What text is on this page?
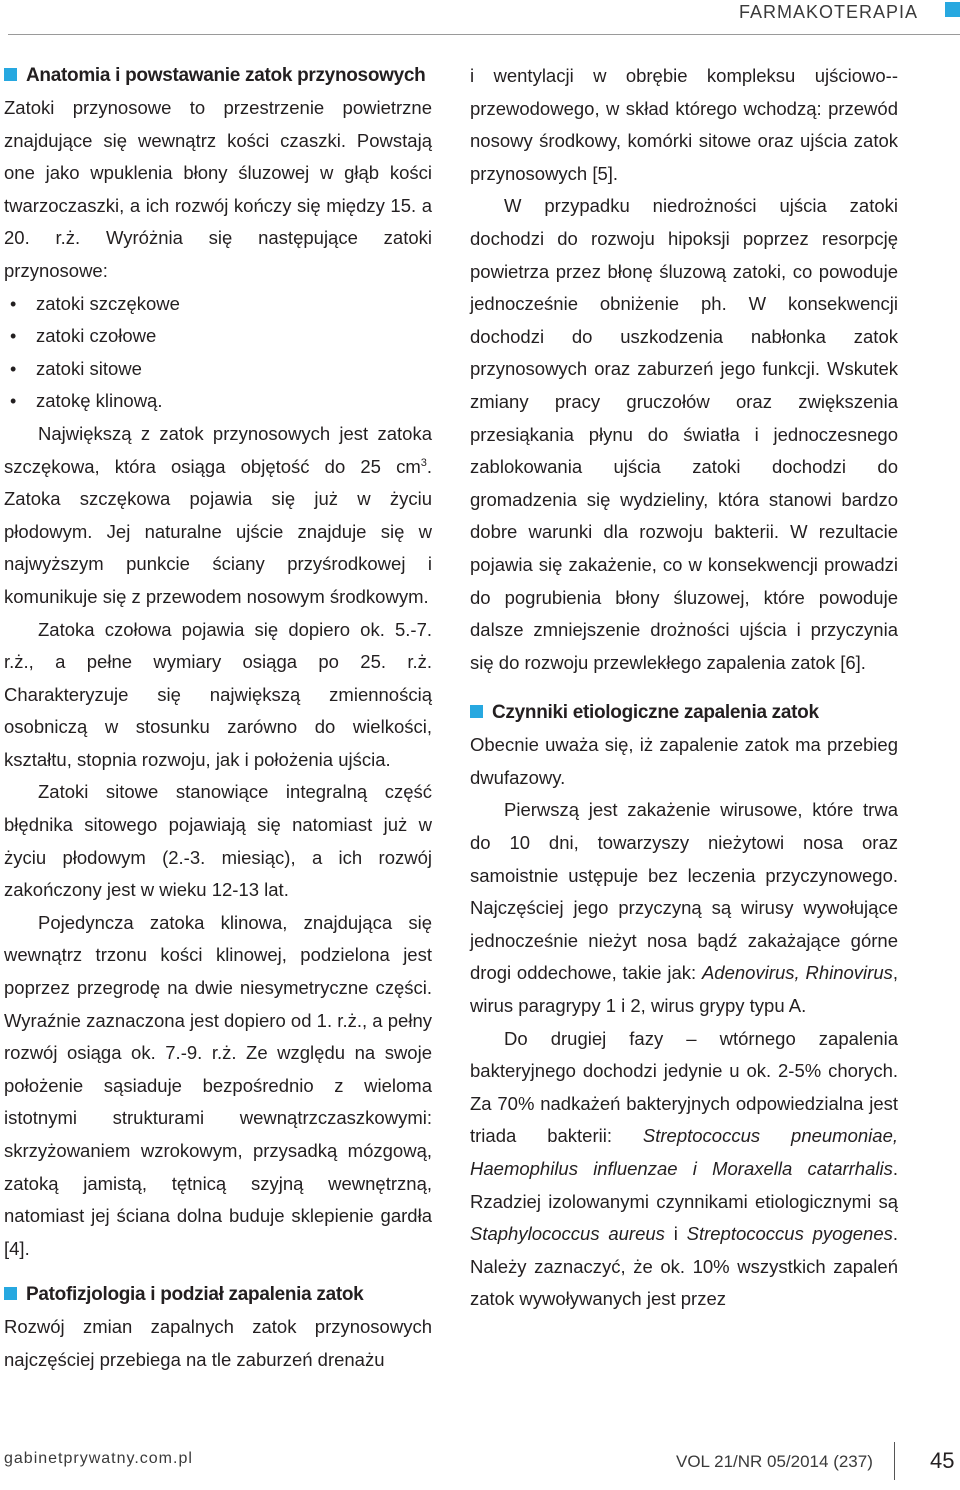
FARMAKOTERAPIA
Anatomia i powstawanie zatok przynosowych

Zatoki przynosowe to przestrzenie powietrzne znajdujące się wewnątrz kości czaszki. Powstają one jako wpuklenia błony śluzowej w głąb kości twarzoczaszki, a ich rozwój kończy się między 15. a 20. r.ż. Wyróżnia się następujące zatoki przynosowe:

• zatoki szczękowe
• zatoki czołowe
• zatoki sitowe
• zatokę klinową.

Największą z zatok przynosowych jest zatoka szczękowa, która osiąga objętość do 25 $cm^3$. Zatoka szczękowa pojawia się już w życiu płodowym. Jej naturalne ujście znajduje się w najwyższym punkcie ściany przyśrodkowej i komunikuje się z przewodem nosowym środkowym.

Zatoka czołowa pojawia się dopiero ok. 5.-7. r.ż., a pełne wymiary osiąga po 25. r.ż. Charakteryzuje się największą zmiennością osobniczą w stosunku zarówno do wielkości, kształtu, stopnia rozwoju, jak i położenia ujścia.

Zatoki sitowe stanowiące integralną część błędnika sitowego pojawiają się natomiast już w życiu płodowym (2.-3. miesiąc), a ich rozwój zakończony jest w wieku 12-13 lat.

Pojedyncza zatoka klinowa, znajdująca się wewnątrz trzonu kości klinowej, podzielona jest poprzez przegrodę na dwie niesymetryczne części. Wyraźnie zaznaczona jest dopiero od 1. r.ż., a pełny rozwój osiąga ok. 7.-9. r.ż. Ze względu na swoje położenie sąsiaduje bezpośrednio z wieloma istotnymi strukturami wewnątrzczaszkowymi: skrzyżowaniem wzrokowym, przysadką mózgową, zatoką jamistą, tętnicą szyjną wewnętrzną, natomiast jej ściana dolna buduje sklepienie gardła [4].

Patofizjologia i podział zapalenia zatok

Rozwój zmian zapalnych zatok przynosowych najczęściej przebiega na tle zaburzeń drenażu

i wentylacji w obrębie kompleksu ujściowo--przewodowego, w skład którego wchodzą: przewód nosowy środkowy, komórki sitowe oraz ujścia zatok przynosowych [5].

W przypadku niedrożności ujścia zatoki dochodzi do rozwoju hipoksji poprzez resorpcję powietrza przez błonę śluzową zatoki, co powoduje jednocześnie obniżenie ph. W konsekwencji dochodzi do uszkodzenia nabłonka zatok przynosowych oraz zaburzeń jego funkcji. Wskutek zmiany pracy gruczołów oraz zwiększenia przesiąkania płynu do światła i jednoczesnego zablokowania ujścia zatoki dochodzi do gromadzenia się wydzieliny, która stanowi bardzo dobre warunki dla rozwoju bakterii. W rezultacie pojawia się zakażenie, co w konsekwencji prowadzi do pogrubienia błony śluzowej, które powoduje dalsze zmniejszenie drożności ujścia i przyczynia się do rozwoju przewlekłego zapalenia zatok [6].

Czynniki etiologiczne zapalenia zatok

Obecnie uważa się, iż zapalenie zatok ma przebieg dwufazowy.

Pierwszą jest zakażenie wirusowe, które trwa do 10 dni, towarzyszy nieżytowi nosa oraz samoistnie ustępuje bez leczenia przyczynowego. Najczęściej jego przyczyną są wirusy wywołujące jednocześnie nieżyt nosa bądź zakażające górne drogi oddechowe, takie jak: Adenovirus, Rhinovirus, wirus paragrypy 1 i 2, wirus grypy typu A.

Do drugiej fazy – wtórnego zapalenia bakteryjnego dochodzi jedynie u ok. 2-5% chorych. Za 70% nadkażeń bakteryjnych odpowiedzialna jest triada bakterii: Streptococcus pneumoniae, Haemophilus influenzae i Moraxella catarrhalis. Rzadziej izolowanymi czynnikami etiologicznymi są Staphylococcus aureus i Streptococcus pyogenes. Należy zaznaczyć, że ok. 10% wszystkich zapaleń zatok wywoływanych jest przez

gabinetprywatny.com.pl	VOL 21/NR 05/2014 (237)	45
